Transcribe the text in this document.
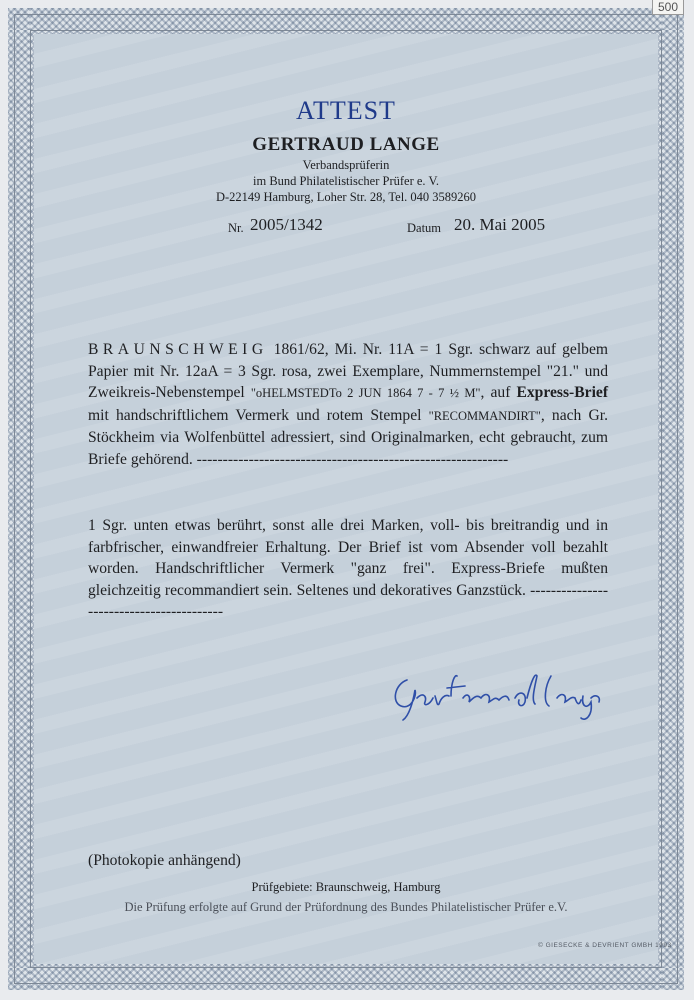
500
ATTEST
GERTRAUD LANGE
Verbandsprüferin
im Bund Philatelistischer Prüfer e. V.
D-22149 Hamburg, Loher Str. 28, Tel. 040 3589260
Nr. 2005/1342	Datum 20. Mai 2005
BRAUNSCHWEIG 1861/62, Mi. Nr. 11A = 1 Sgr. schwarz auf gelbem Papier mit Nr. 12aA = 3 Sgr. rosa, zwei Exemplare, Nummernstempel "21." und Zweikreis-Nebenstempel "oHELMSTEDTo 2 JUN 1864 7 - 7 ½ M", auf Express-Brief mit handschriftlichem Vermerk und rotem Stempel "RECOMMANDIRT", nach Gr. Stöckheim via Wolfenbüttel adressiert, sind Originalmarken, echt gebraucht, zum Briefe gehörend. ------------------------------------------------------------
1 Sgr. unten etwas berührt, sonst alle drei Marken, voll- bis breitrandig und in farbfrischer, einwandfreier Erhaltung. Der Brief ist vom Absender voll bezahlt worden. Handschriftlicher Vermerk "ganz frei". Express-Briefe mußten gleichzeitig recommandiert sein. Seltenes und dekoratives Ganzstück. -----------------------------------------
(Photokopie anhängend)
Prüfgebiete: Braunschweig, Hamburg
Die Prüfung erfolgte auf Grund der Prüfordnung des Bundes Philatelistischer Prüfer e.V.
© GIESECKE & DEVRIENT GMBH 1993
